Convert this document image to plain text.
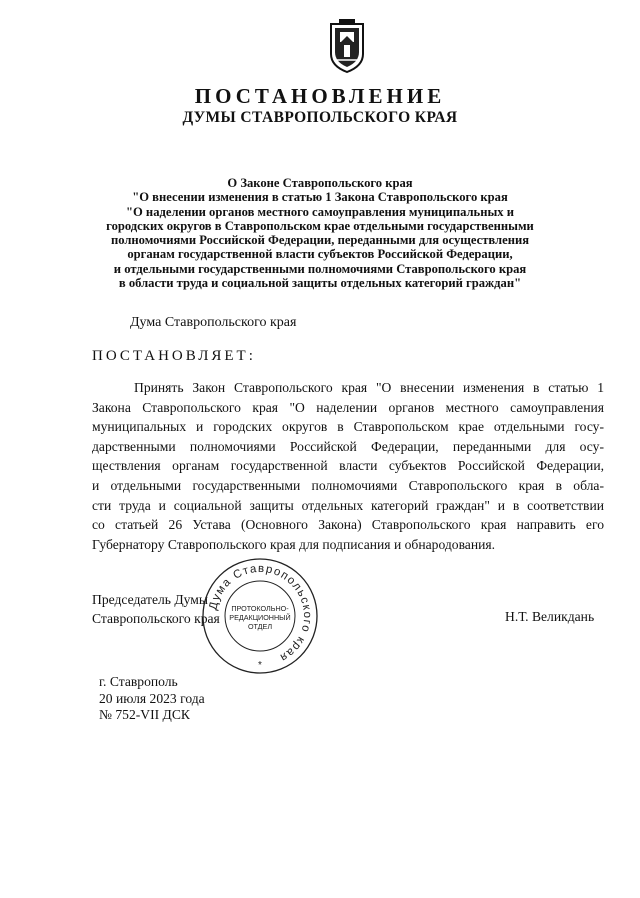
ПОСТАНОВЛЕНИЕ
ДУМЫ СТАВРОПОЛЬСКОГО КРАЯ
О Законе Ставропольского края
"О внесении изменения в статью 1 Закона Ставропольского края
"О наделении органов местного самоуправления муниципальных и
городских округов в Ставропольском крае отдельными государственными
полномочиями Российской Федерации, переданными для осуществления
органам государственной власти субъектов Российской Федерации,
и отдельными государственными полномочиями Ставропольского края
в области труда и социальной защиты отдельных категорий граждан"
Дума Ставропольского края
ПОСТАНОВЛЯЕТ:
Принять Закон Ставропольского края "О внесении изменения в статью 1
Закона Ставропольского края "О наделении органов местного самоуправления
муниципальных и городских округов в Ставропольском крае отдельными госу-
дарственными полномочиями Российской Федерации, переданными для осу-
ществления органам государственной власти субъектов Российской Федерации,
и отдельными государственными полномочиями Ставропольского края в обла-
сти труда и социальной защиты отдельных категорий граждан" и в соответствии
со статьей 26 Устава (Основного Закона) Ставропольского края направить его
Губернатору Ставропольского края для подписания и обнародования.
Председатель Думы
Ставропольского края	Н.Т. Великдань
Дума Ставропольского края
ПРОТОКОЛЬНО-
РЕДАКЦИОННЫЙ
ОТДЕЛ
*
г. Ставрополь
20 июля 2023 года
№ 752-VII ДСК
